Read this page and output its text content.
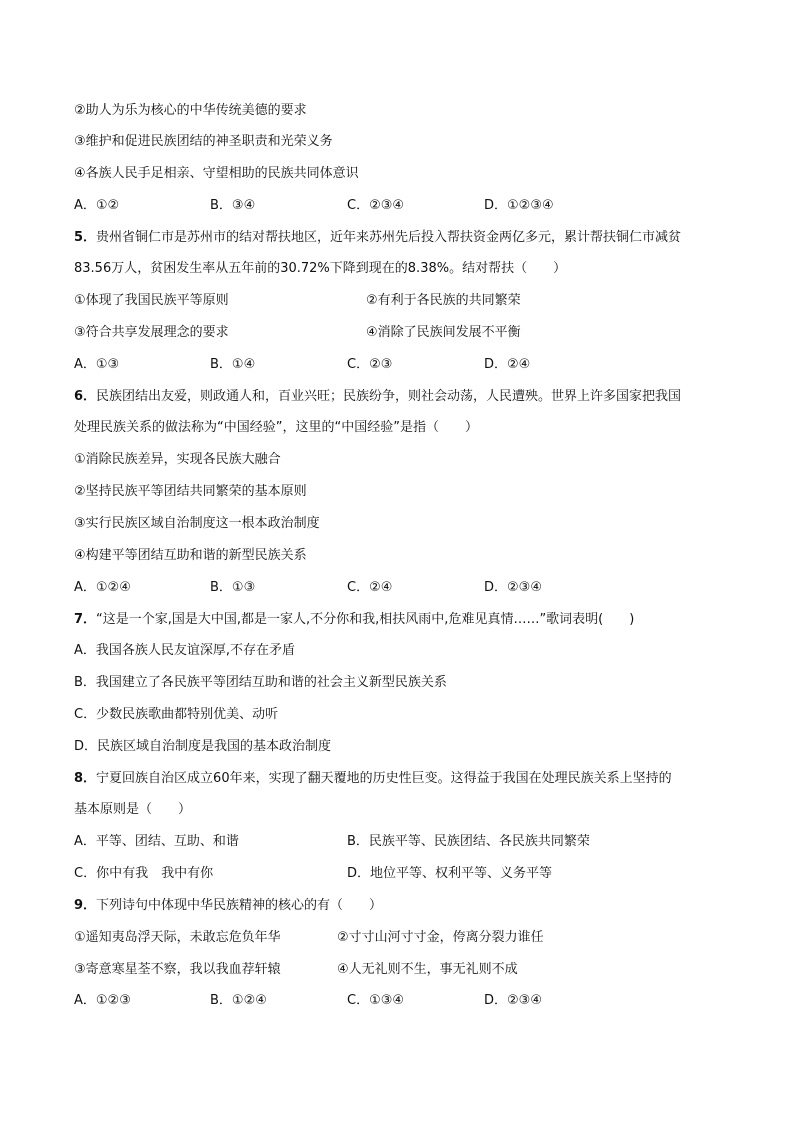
②助人为乐为核心的中华传统美德的要求
③维护和促进民族团结的神圣职责和光荣义务
④各族人民手足相亲、守望相助的民族共同体意识
A．①②	B．③④	C．②③④	D．①②③④
5．贵州省铜仁市是苏州市的结对帮扶地区，近年来苏州先后投入帮扶资金两亿多元，累计帮扶铜仁市减贫
83.56万人，贫困发生率从五年前的30.72%下降到现在的8.38%。结对帮扶（　　）
①体现了我国民族平等原则	②有利于各民族的共同繁荣
③符合共享发展理念的要求	④消除了民族间发展不平衡
A．①③	B．①④	C．②③	D．②④
6．民族团结出友爱，则政通人和，百业兴旺；民族纷争，则社会动荡，人民遭殃。世界上许多国家把我国
处理民族关系的做法称为“中国经验”，这里的“中国经验”是指（　　）
①消除民族差异，实现各民族大融合
②坚持民族平等团结共同繁荣的基本原则
③实行民族区域自治制度这一根本政治制度
④构建平等团结互助和谐的新型民族关系
A．①②④	B．①③	C．②④	D．②③④
7．“这是一个家,国是大中国,都是一家人,不分你和我,相扶风雨中,危难见真情……”歌词表明(　　)
A．我国各族人民友谊深厚,不存在矛盾
B．我国建立了各民族平等团结互助和谐的社会主义新型民族关系
C．少数民族歌曲都特别优美、动听
D．民族区域自治制度是我国的基本政治制度
8．宁夏回族自治区成立60年来，实现了翻天覆地的历史性巨变。这得益于我国在处理民族关系上坚持的
基本原则是（　　）
A．平等、团结、互助、和谐	B．民族平等、民族团结、各民族共同繁荣
C．你中有我　我中有你	D．地位平等、权利平等、义务平等
9．下列诗句中体现中华民族精神的核心的有（　　）
①遥知夷岛浮天际，未敢忘危负年华	②寸寸山河寸寸金，侉离分裂力谁任
③寄意寒星荃不察，我以我血荐轩辕	④人无礼则不生，事无礼则不成
A．①②③	B．①②④	C．①③④	D．②③④
